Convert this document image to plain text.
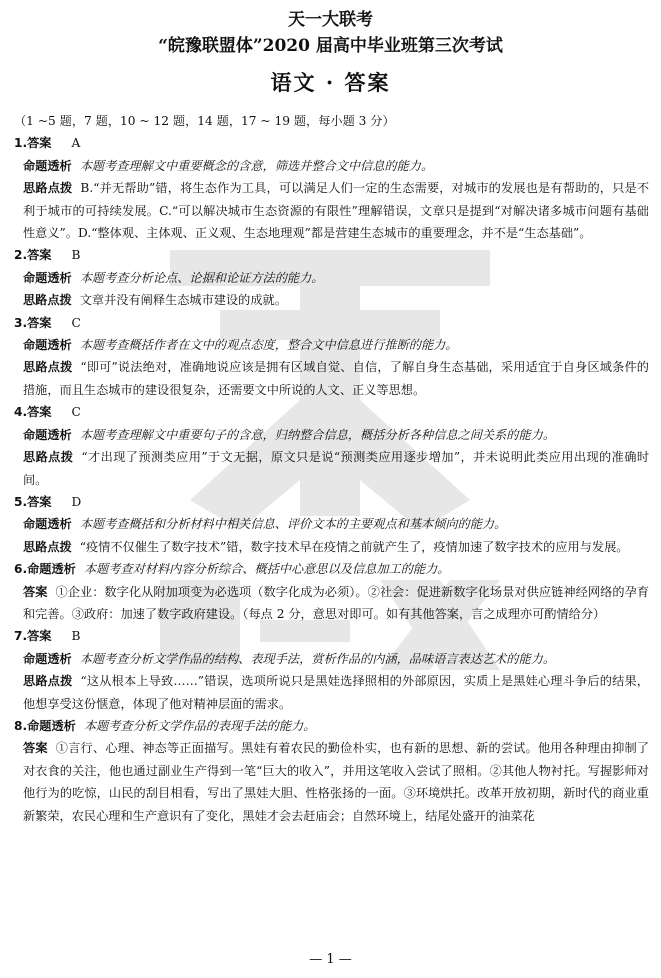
天一大联考
“皖豫联盟体”2020 届高中毕业班第三次考试
语文 · 答案
（1 ~5 题，7 题，10 ~ 12 题，14 题，17 ~ 19 题，每小题 3 分）
1.答案 A
命题透析 本题考查理解文中重要概念的含意，筛选并整合文中信息的能力。
思路点拨 B.“并无帮助”错，将生态作为工具，可以满足人们一定的生态需要，对城市的发展也是有帮助的，只是不利于城市的可持续发展。C.“可以解决城市生态资源的有限性”理解错误，文章只是提到“对解决诸多城市问题有基础性意义”。D.“整体观、主体观、正义观、生态地理观”都是营建生态城市的重要理念，并不是“生态基础”。
2.答案 B
命题透析 本题考查分析论点、论据和论证方法的能力。
思路点拨 文章并没有阐释生态城市建设的成就。
3.答案 C
命题透析 本题考查概括作者在文中的观点态度，整合文中信息进行推断的能力。
思路点拨 “即可”说法绝对，准确地说应该是拥有区域自觉、自信，了解自身生态基础，采用适宜于自身区域条件的措施，而且生态城市的建设很复杂，还需要文中所说的人文、正义等思想。
4.答案 C
命题透析 本题考查理解文中重要句子的含意，归纳整合信息，概括分析各种信息之间关系的能力。
思路点拨 “才出现了预测类应用”于文无据，原文只是说“预测类应用逐步增加”，并未说明此类应用出现的准确时间。
5.答案 D
命题透析 本题考查概括和分析材料中相关信息、评价文本的主要观点和基本倾向的能力。
思路点拨 “疫情不仅催生了数字技术”错，数字技术早在疫情之前就产生了，疫情加速了数字技术的应用与发展。
6.命题透析 本题考查对材料内容分析综合、概括中心意思以及信息加工的能力。
答案 ①企业：数字化从附加项变为必选项（数字化成为必须）。②社会：促进新数字化场景对供应链神经网络的孕育和完善。③政府：加速了数字政府建设。（每点 2 分，意思对即可。如有其他答案，言之成理亦可酌情给分）
7.答案 B
命题透析 本题考查分析文学作品的结构、表现手法，赏析作品的内涵，品味语言表达艺术的能力。
思路点拨 “这从根本上导致……”错误，选项所说只是黑娃选择照相的外部原因，实质上是黑娃心理斗争后的结果，他想享受这份惬意，体现了他对精神层面的需求。
8.命题透析 本题考查分析文学作品的表现手法的能力。
答案 ①言行、心理、神态等正面描写。黑娃有着农民的勤俭朴实，也有新的思想、新的尝试。他用各种理由抑制了对衣食的关注，他也通过副业生产得到一笔“巨大的收入”，并用这笔收入尝试了照相。②其他人物衬托。写握影师对他行为的吃惊，山民的刮目相看，写出了黑娃大胆、性格张扬的一面。③环境烘托。改革开放初期，新时代的商业重新繁荣，农民心理和生产意识有了变化，黑娃才会去赶庙会；自然环境上，结尾处盛开的油菜花
— 1 —
